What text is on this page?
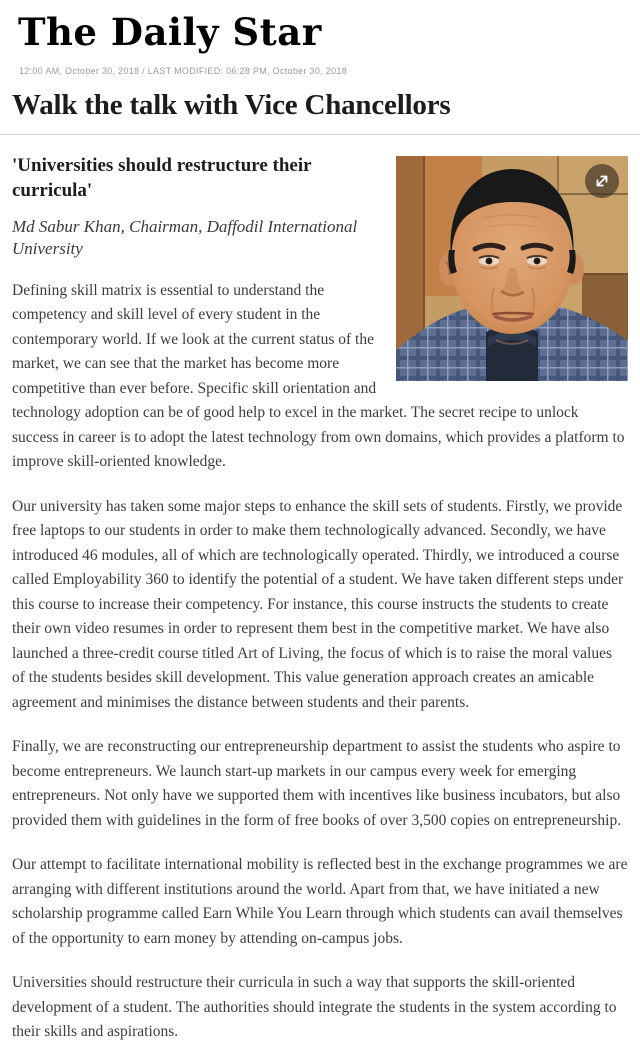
The Daily Star
12:00 AM, October 30, 2018 / LAST MODIFIED: 06:28 PM, October 30, 2018
Walk the talk with Vice Chancellors
'Universities should restructure their curricula'
Md Sabur Khan, Chairman, Daffodil International University

Defining skill matrix is essential to understand the competency and skill level of every student in the contemporary world. If we look at the current status of the market, we can see that the market has become more competitive than ever before. Specific skill orientation and technology adoption can be of good help to excel in the market. The secret recipe to unlock success in career is to adopt the latest technology from own domains, which provides a platform to improve skill-oriented knowledge.

Our university has taken some major steps to enhance the skill sets of students. Firstly, we provide free laptops to our students in order to make them technologically advanced. Secondly, we have introduced 46 modules, all of which are technologically operated. Thirdly, we introduced a course called Employability 360 to identify the potential of a student. We have taken different steps under this course to increase their competency. For instance, this course instructs the students to create their own video resumes in order to represent them best in the competitive market. We have also launched a three-credit course titled Art of Living, the focus of which is to raise the moral values of the students besides skill development. This value generation approach creates an amicable agreement and minimises the distance between students and their parents.

Finally, we are reconstructing our entrepreneurship department to assist the students who aspire to become entrepreneurs. We launch start-up markets in our campus every week for emerging entrepreneurs. Not only have we supported them with incentives like business incubators, but also provided them with guidelines in the form of free books of over 3,500 copies on entrepreneurship.

Our attempt to facilitate international mobility is reflected best in the exchange programmes we are arranging with different institutions around the world. Apart from that, we have initiated a new scholarship programme called Earn While You Learn through which students can avail themselves of the opportunity to earn money by attending on-campus jobs.

Universities should restructure their curricula in such a way that supports the skill-oriented development of a student. The authorities should integrate the students in the system according to their skills and aspirations.
